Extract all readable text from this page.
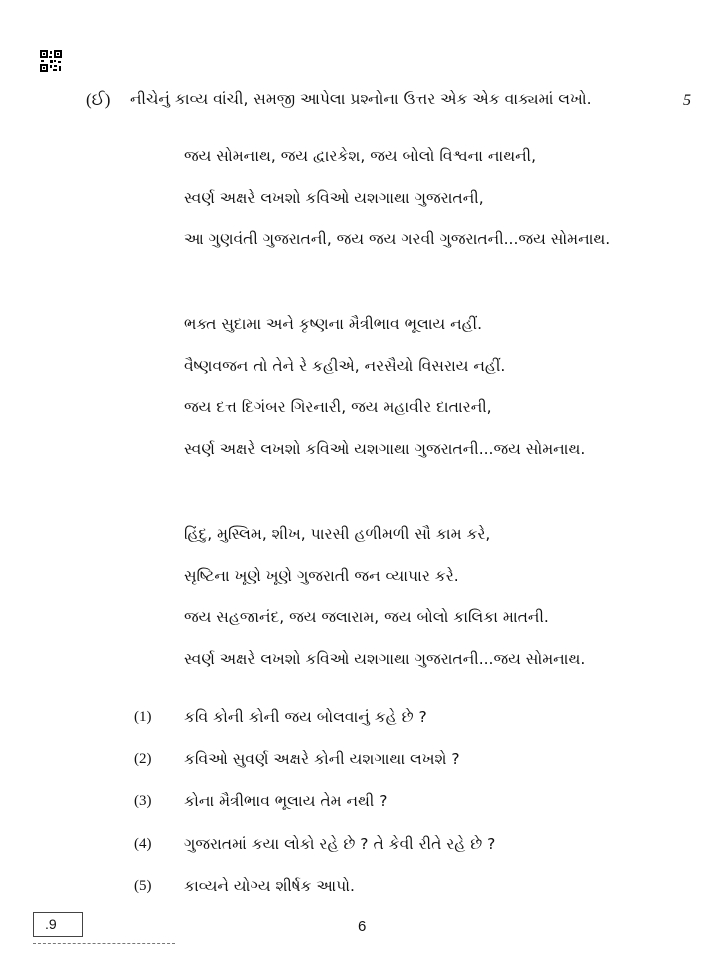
(ઈ) નીચેનું કાવ્ય વાંચી, સમજી આપેલા પ્રશ્નોના ઉત્તર એક એક વાક્યમાં લખો.	5
જય સોમનાથ, જય દ્વારકેશ, જય બોલો વિશ્વના નાથની,
સ્વર્ણ અક્ષરે લખશો કવિઓ યશગાથા ગુજરાતની,
આ ગુણવંતી ગુજરાતની, જય જય ગરવી ગુજરાતની...જય સોમનાથ.
ભક્ત સુદામા અને કૃષ્ણના મૈત્રીભાવ ભૂલાય નહીં.
વૈષ્ણવજન તો તેને રે કહીએ, નરસૈયો વિસરાય નહીં.
જય દત્ત દિગંબર ગિરનારી, જય મહાવીર દાતારની,
સ્વર્ણ અક્ષરે લખશો કવિઓ યશગાથા ગુજરાતની...જય સોમનાથ.
હિંદુ, મુસ્લિમ, શીખ, પારસી હળીમળી સૌ કામ કરે,
સૃષ્ટિના ખૂણે ખૂણે ગુજરાતી જન વ્યાપાર કરે.
જય સહજાનંદ, જય જલારામ, જય બોલો કાલિકા માતની.
સ્વર્ણ અક્ષરે લખશો કવિઓ યશગાથા ગુજરાતની...જય સોમનાથ.
(1) કવિ કોની કોની જય બોલવાનું કહે છે ?
(2) કવિઓ સુવર્ણ અક્ષરે કોની યશગાથા લખશે ?
(3) કોના મૈત્રીભાવ ભૂલાય તેમ નથી ?
(4) ગુજરાતમાં કયા લોકો રહે છે ? તે કેવી રીતે રહે છે ?
(5) કાવ્યને યોગ્ય શીર્ષક આપો.
.9	6
